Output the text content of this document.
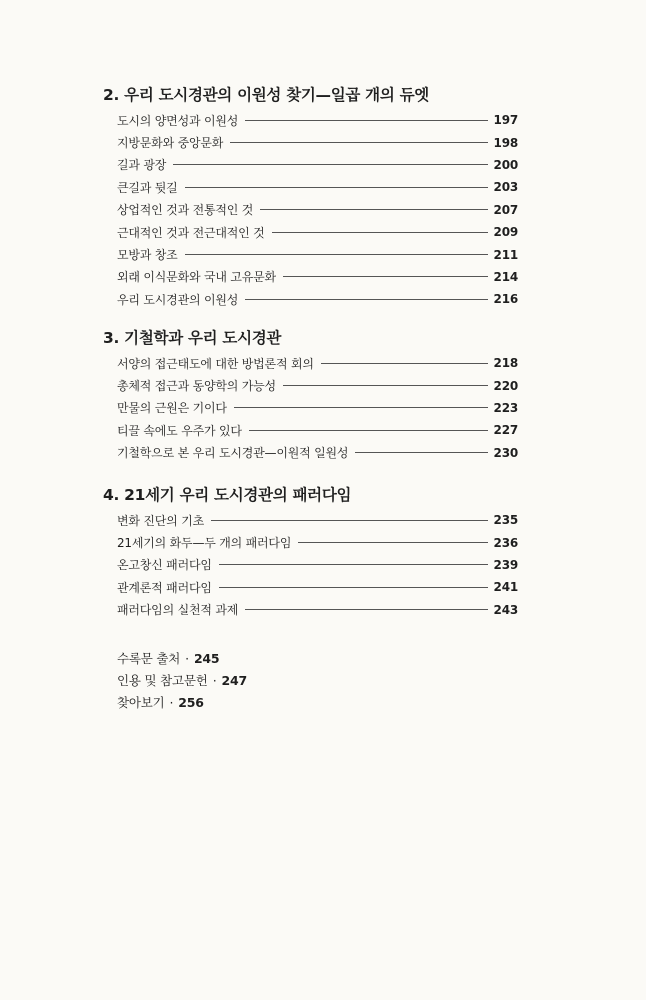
2. 우리 도시경관의 이원성 찾기—일곱 개의 듀엣
도시의 양면성과 이원성	197
지방문화와 중앙문화	198
길과 광장	200
큰길과 뒷길	203
상업적인 것과 전통적인 것	207
근대적인 것과 전근대적인 것	209
모방과 창조	211
외래 이식문화와 국내 고유문화	214
우리 도시경관의 이원성	216
3. 기철학과 우리 도시경관
서양의 접근태도에 대한 방법론적 회의	218
총체적 접근과 동양학의 가능성	220
만물의 근원은 기이다	223
티끌 속에도 우주가 있다	227
기철학으로 본 우리 도시경관—이원적 일원성	230
4. 21세기 우리 도시경관의 패러다임
변화 진단의 기초	235
21세기의 화두—두 개의 패러다임	236
온고창신 패러다임	239
관계론적 패러다임	241
패러다임의 실천적 과제	243
수록문 출처 · 245
인용 및 참고문헌 · 247
찾아보기 · 256
